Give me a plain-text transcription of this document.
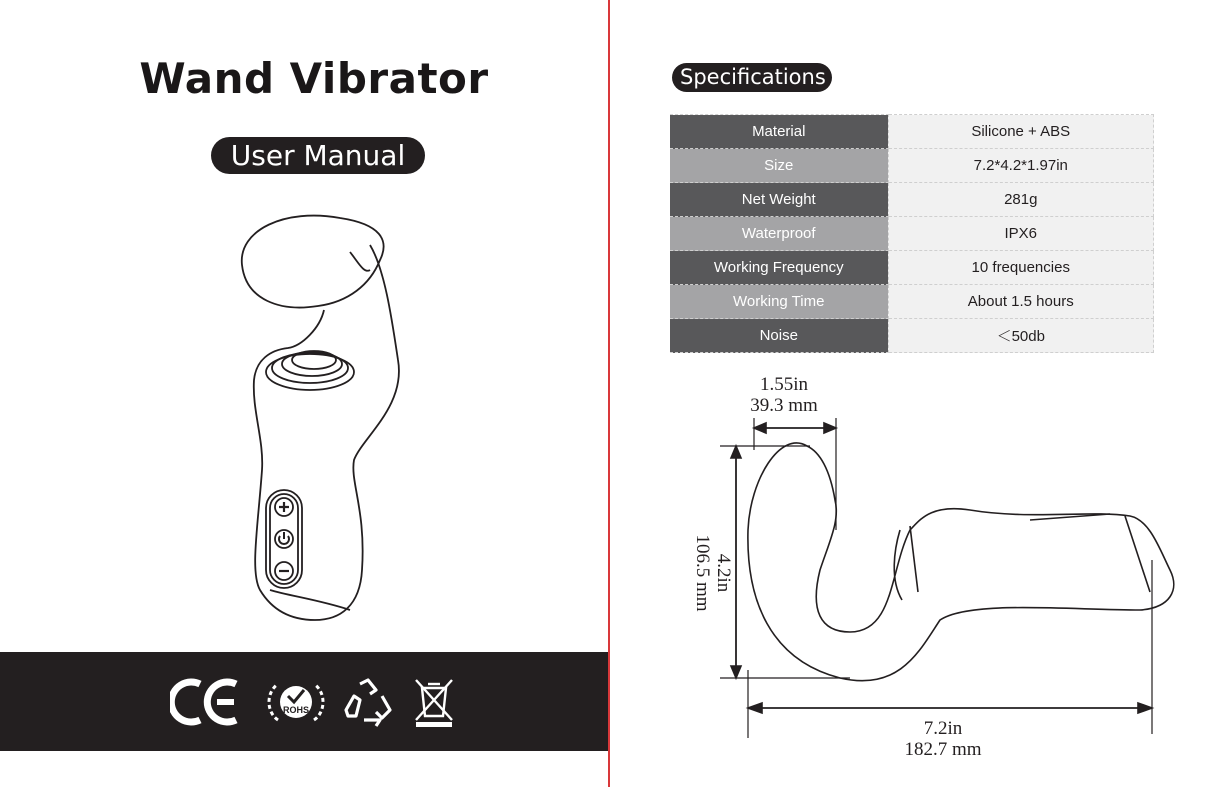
Wand Vibrator
User Manual
ROHS
Specifications
Material	Silicone + ABS
Size	7.2*4.2*1.97in
Net Weight	281g
Waterproof	IPX6
Working Frequency	10 frequencies
Working Time	About 1.5 hours
Noise	＜50db
1.55in
39.3 mm
4.2in
106.5 mm
7.2in
182.7 mm
